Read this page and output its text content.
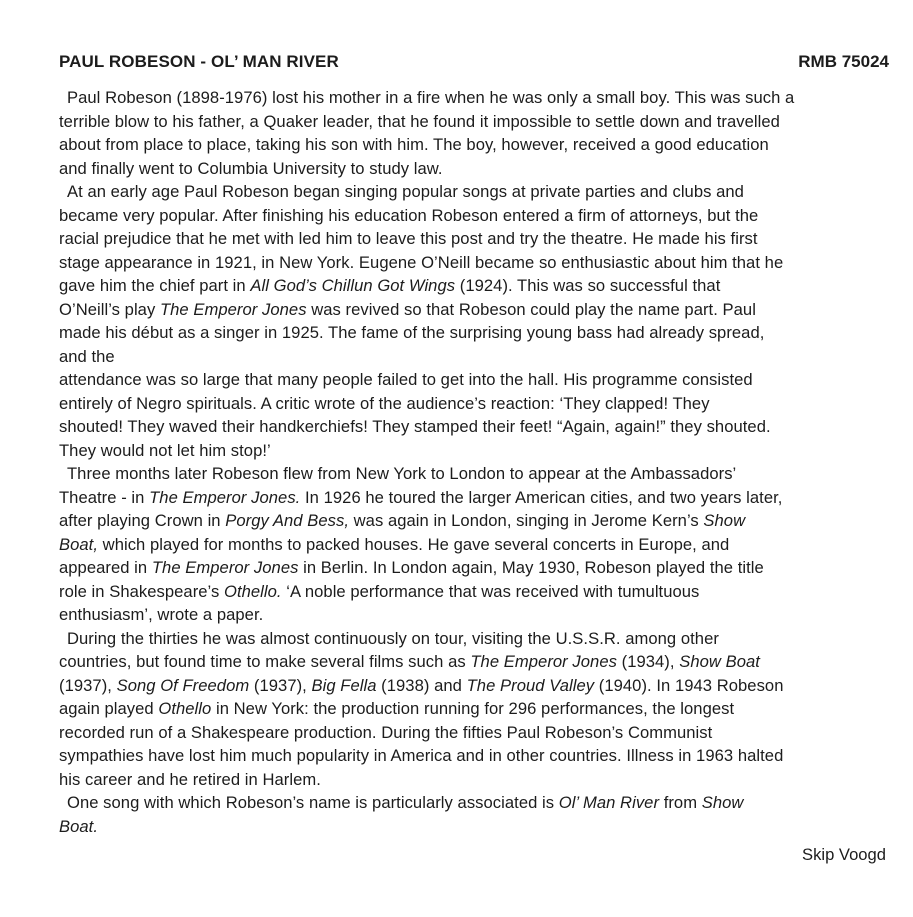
PAUL ROBESON - OL’ MAN RIVER	RMB 75024
Paul Robeson (1898-1976) lost his mother in a fire when he was only a small boy. This was such a
terrible blow to his father, a Quaker leader, that he found it impossible to settle down and travelled
about from place to place, taking his son with him. The boy, however, received a good education
and finally went to Columbia University to study law.
At an early age Paul Robeson began singing popular songs at private parties and clubs and
became very popular. After finishing his education Robeson entered a firm of attorneys, but the
racial prejudice that he met with led him to leave this post and try the theatre. He made his first
stage appearance in 1921, in New York. Eugene O’Neill became so enthusiastic about him that he
gave him the chief part in All God’s Chillun Got Wings (1924). This was so successful that
O’Neill’s play The Emperor Jones was revived so that Robeson could play the name part. Paul
made his début as a singer in 1925. The fame of the surprising young bass had already spread,
and the
attendance was so large that many people failed to get into the hall. His programme consisted
entirely of Negro spirituals. A critic wrote of the audience’s reaction: ‘They clapped! They
shouted! They waved their handkerchiefs! They stamped their feet! “Again, again!” they shouted.
They would not let him stop!’
Three months later Robeson flew from New York to London to appear at the Ambassadors’
Theatre - in The Emperor Jones. In 1926 he toured the larger American cities, and two years later,
after playing Crown in Porgy And Bess, was again in London, singing in Jerome Kern’s Show
Boat, which played for months to packed houses. He gave several concerts in Europe, and
appeared in The Emperor Jones in Berlin. In London again, May 1930, Robeson played the title
role in Shakespeare’s Othello. ‘A noble performance that was received with tumultuous
enthusiasm’, wrote a paper.
During the thirties he was almost continuously on tour, visiting the U.S.S.R. among other
countries, but found time to make several films such as The Emperor Jones (1934), Show Boat
(1937), Song Of Freedom (1937), Big Fella (1938) and The Proud Valley (1940). In 1943 Robeson
again played Othello in New York: the production running for 296 performances, the longest
recorded run of a Shakespeare production. During the fifties Paul Robeson’s Communist
sympathies have lost him much popularity in America and in other countries. Illness in 1963 halted
his career and he retired in Harlem.
One song with which Robeson’s name is particularly associated is Ol’ Man River from Show
Boat.
Skip Voogd
